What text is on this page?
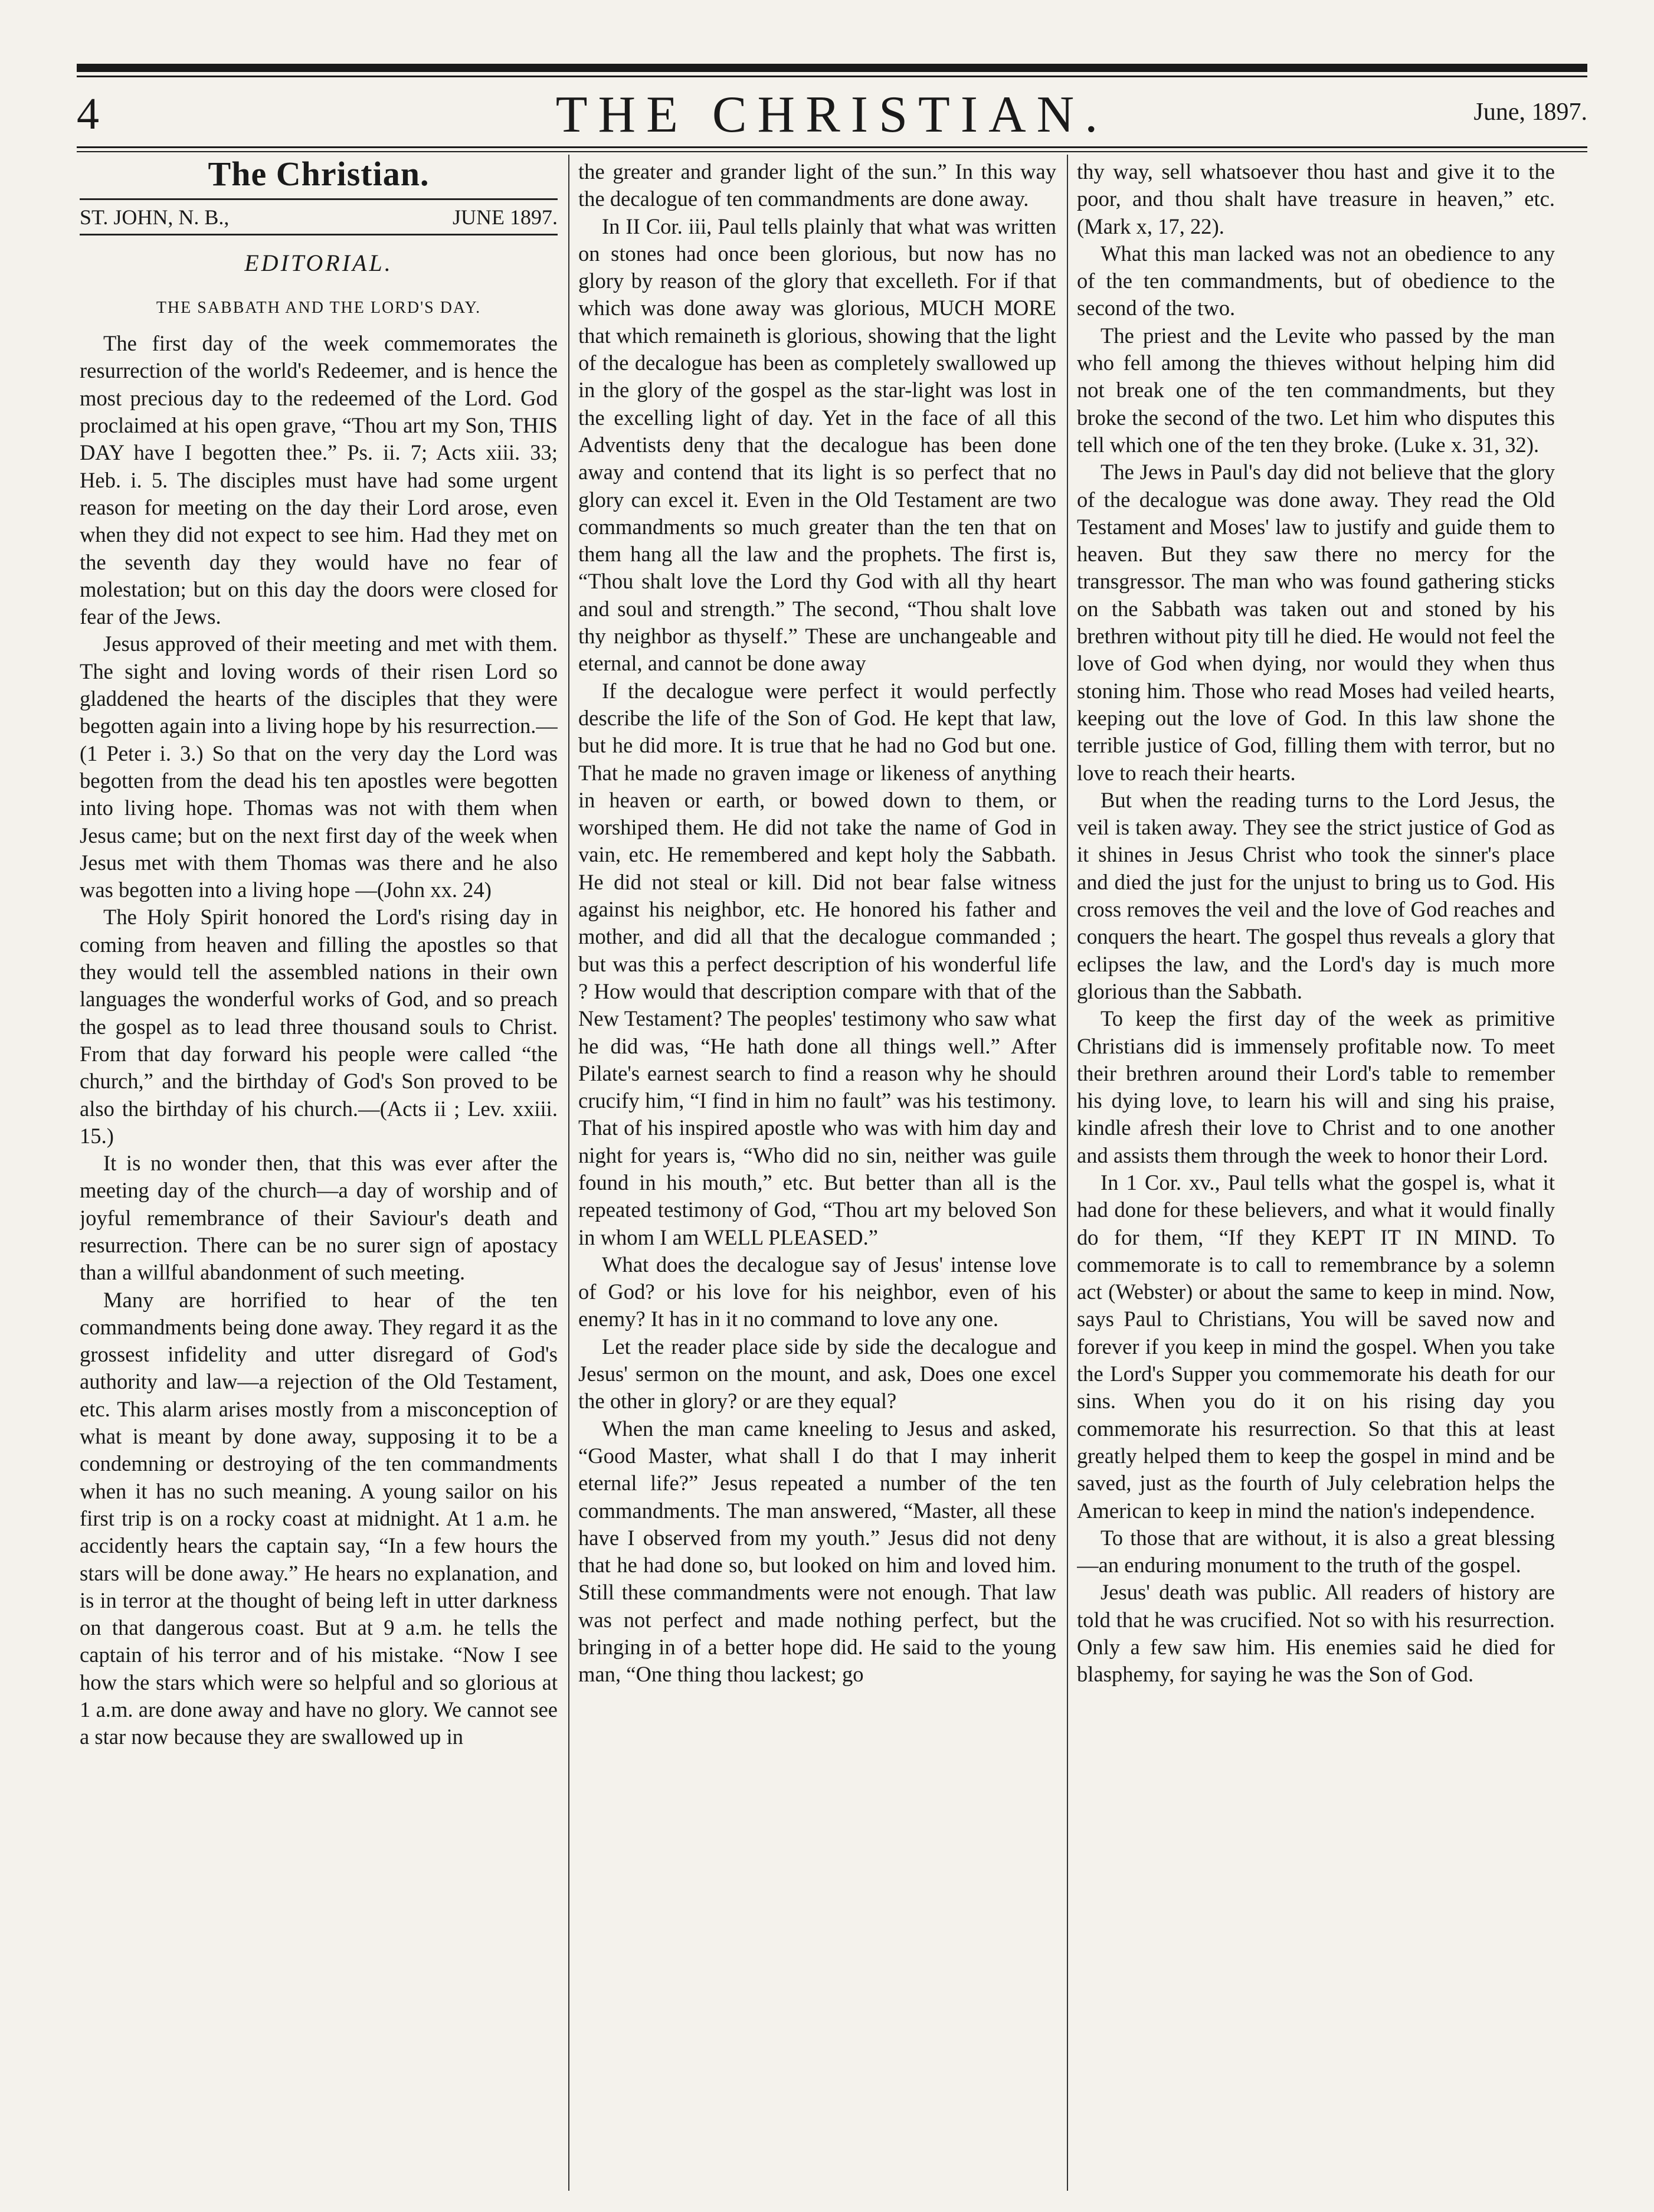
4	THE CHRISTIAN.	June, 1897.
The Christian.
ST. JOHN, N. B.,	JUNE 1897.
EDITORIAL.
THE SABBATH AND THE LORD'S DAY.

The first day of the week commemorates the resurrection of the world's Redeemer, and is hence the most precious day to the redeemed of the Lord. God proclaimed at his open grave, “Thou art my Son, THIS DAY have I begotten thee.” Ps. ii. 7; Acts xiii. 33; Heb. i. 5. The disciples must have had some urgent reason for meeting on the day their Lord arose, even when they did not expect to see him. Had they met on the seventh day they would have no fear of molestation; but on this day the doors were closed for fear of the Jews.

Jesus approved of their meeting and met with them. The sight and loving words of their risen Lord so gladdened the hearts of the disciples that they were begotten again into a living hope by his resurrection.—(1 Peter i. 3.) So that on the very day the Lord was begotten from the dead his ten apostles were begotten into living hope. Thomas was not with them when Jesus came; but on the next first day of the week when Jesus met with them Thomas was there and he also was begotten into a living hope —(John xx. 24)

The Holy Spirit honored the Lord's rising day in coming from heaven and filling the apostles so that they would tell the assembled nations in their own languages the wonderful works of God, and so preach the gospel as to lead three thousand souls to Christ. From that day forward his people were called “the church,” and the birthday of God's Son proved to be also the birthday of his church.—(Acts ii ; Lev. xxiii. 15.)

It is no wonder then, that this was ever after the meeting day of the church—a day of worship and of joyful remembrance of their Saviour's death and resurrection. There can be no surer sign of apostacy than a willful abandonment of such meeting.

Many are horrified to hear of the ten commandments being done away. They regard it as the grossest infidelity and utter disregard of God's authority and law—a rejection of the Old Testament, etc. This alarm arises mostly from a misconception of what is meant by done away, supposing it to be a condemning or destroying of the ten commandments when it has no such meaning. A young sailor on his first trip is on a rocky coast at midnight. At 1 a.m. he accidently hears the captain say, “In a few hours the stars will be done away.” He hears no explanation, and is in terror at the thought of being left in utter darkness on that dangerous coast. But at 9 a.m. he tells the captain of his terror and of his mistake. “Now I see how the stars which were so helpful and so glorious at 1 a.m. are done away and have no glory. We cannot see a star now because they are swallowed up in

the greater and grander light of the sun.” In this way the decalogue of ten commandments are done away.

In II Cor. iii, Paul tells plainly that what was written on stones had once been glorious, but now has no glory by reason of the glory that excelleth. For if that which was done away was glorious, MUCH MORE that which remaineth is glorious, showing that the light of the decalogue has been as completely swallowed up in the glory of the gospel as the star-light was lost in the excelling light of day. Yet in the face of all this Adventists deny that the decalogue has been done away and contend that its light is so perfect that no glory can excel it. Even in the Old Testament are two commandments so much greater than the ten that on them hang all the law and the prophets. The first is, “Thou shalt love the Lord thy God with all thy heart and soul and strength.” The second, “Thou shalt love thy neighbor as thyself.” These are unchangeable and eternal, and cannot be done away

If the decalogue were perfect it would perfectly describe the life of the Son of God. He kept that law, but he did more. It is true that he had no God but one. That he made no graven image or likeness of anything in heaven or earth, or bowed down to them, or worshiped them. He did not take the name of God in vain, etc. He remembered and kept holy the Sabbath. He did not steal or kill. Did not bear false witness against his neighbor, etc. He honored his father and mother, and did all that the decalogue commanded ; but was this a perfect description of his wonderful life ? How would that description compare with that of the New Testament? The peoples' testimony who saw what he did was, “He hath done all things well.” After Pilate's earnest search to find a reason why he should crucify him, “I find in him no fault” was his testimony. That of his inspired apostle who was with him day and night for years is, “Who did no sin, neither was guile found in his mouth,” etc. But better than all is the repeated testimony of God, “Thou art my beloved Son in whom I am WELL PLEASED.”

What does the decalogue say of Jesus' intense love of God? or his love for his neighbor, even of his enemy? It has in it no command to love any one.

Let the reader place side by side the decalogue and Jesus' sermon on the mount, and ask, Does one excel the other in glory? or are they equal?

When the man came kneeling to Jesus and asked, “Good Master, what shall I do that I may inherit eternal life?” Jesus repeated a number of the ten commandments. The man answered, “Master, all these have I observed from my youth.” Jesus did not deny that he had done so, but looked on him and loved him. Still these commandments were not enough. That law was not perfect and made nothing perfect, but the bringing in of a better hope did. He said to the young man, “One thing thou lackest; go

thy way, sell whatsoever thou hast and give it to the poor, and thou shalt have treasure in heaven,” etc. (Mark x, 17, 22).

What this man lacked was not an obedience to any of the ten commandments, but of obedience to the second of the two.

The priest and the Levite who passed by the man who fell among the thieves without helping him did not break one of the ten commandments, but they broke the second of the two. Let him who disputes this tell which one of the ten they broke. (Luke x. 31, 32).

The Jews in Paul's day did not believe that the glory of the decalogue was done away. They read the Old Testament and Moses' law to justify and guide them to heaven. But they saw there no mercy for the transgressor. The man who was found gathering sticks on the Sabbath was taken out and stoned by his brethren without pity till he died. He would not feel the love of God when dying, nor would they when thus stoning him. Those who read Moses had veiled hearts, keeping out the love of God. In this law shone the terrible justice of God, filling them with terror, but no love to reach their hearts.

But when the reading turns to the Lord Jesus, the veil is taken away. They see the strict justice of God as it shines in Jesus Christ who took the sinner's place and died the just for the unjust to bring us to God. His cross removes the veil and the love of God reaches and conquers the heart. The gospel thus reveals a glory that eclipses the law, and the Lord's day is much more glorious than the Sabbath.

To keep the first day of the week as primitive Christians did is immensely profitable now. To meet their brethren around their Lord's table to remember his dying love, to learn his will and sing his praise, kindle afresh their love to Christ and to one another and assists them through the week to honor their Lord.

In 1 Cor. xv., Paul tells what the gospel is, what it had done for these believers, and what it would finally do for them, “If they KEPT IT IN MIND. To commemorate is to call to remembrance by a solemn act (Webster) or about the same to keep in mind. Now, says Paul to Christians, You will be saved now and forever if you keep in mind the gospel. When you take the Lord's Supper you commemorate his death for our sins. When you do it on his rising day you commemorate his resurrection. So that this at least greatly helped them to keep the gospel in mind and be saved, just as the fourth of July celebration helps the American to keep in mind the nation's independence.

To those that are without, it is also a great blessing—an enduring monument to the truth of the gospel.

Jesus' death was public. All readers of history are told that he was crucified. Not so with his resurrection. Only a few saw him. His enemies said he died for blasphemy, for saying he was the Son of God.
